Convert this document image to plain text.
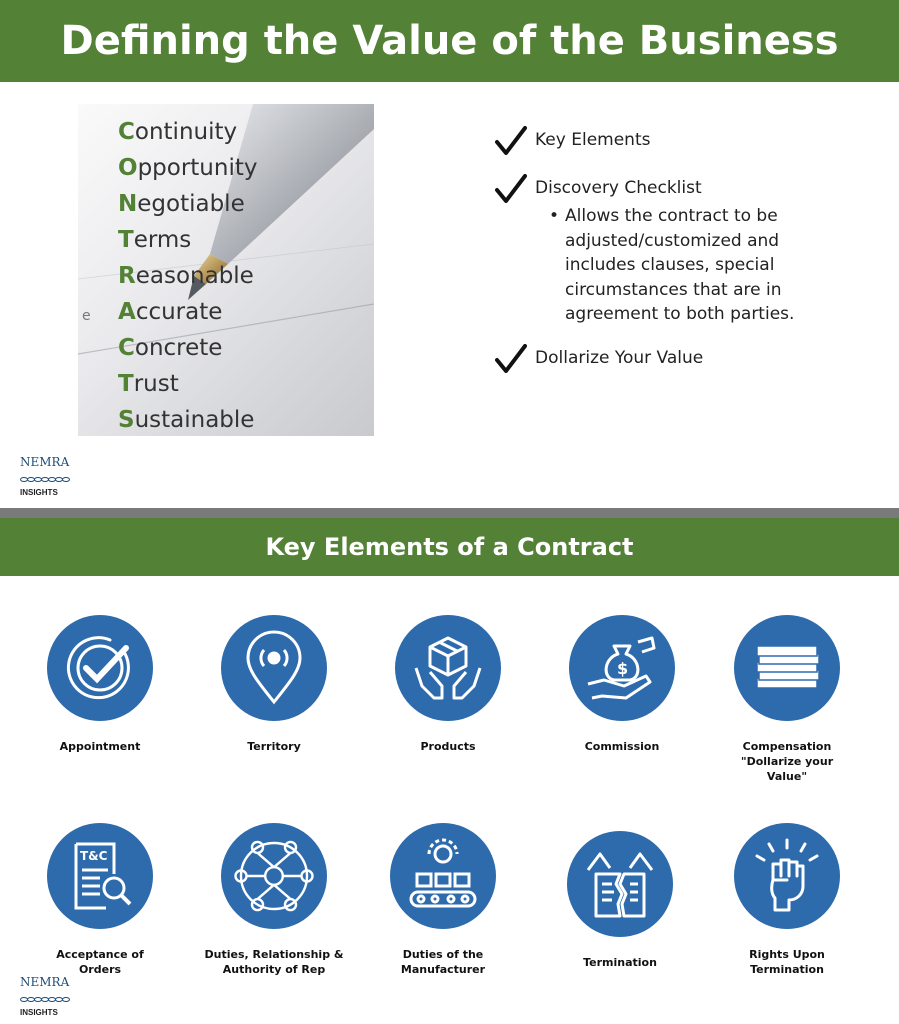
Defining the Value of the Business
e
Continuity
Opportunity
Negotiable
Terms
Reasonable
Accurate
Concrete
Trust
Sustainable
Key Elements
Discovery Checklist
• Allows the contract to be adjusted/customized and includes clauses, special circumstances that are in agreement to both parties.
Dollarize Your Value
NEMRA
INSIGHTS
Key Elements of a Contract
Appointment	Territory	Products
$
Commission	Compensation
"Dollarize your
Value"
T&C
Acceptance of
Orders
Duties, Relationship &
Authority of Rep
Duties of the
Manufacturer
Termination
Rights Upon
Termination
NEMRA
INSIGHTS
